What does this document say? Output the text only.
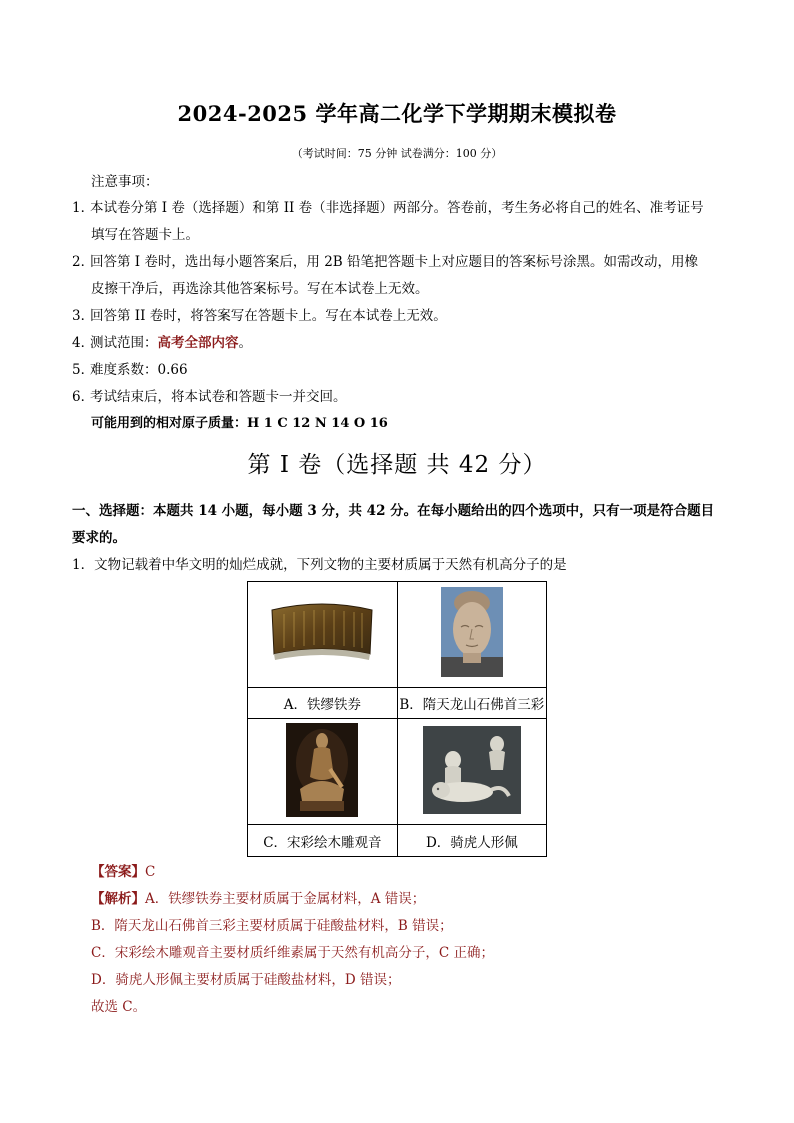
2024-2025 学年高二化学下学期期末模拟卷
（考试时间：75 分钟 试卷满分：100 分）
注意事项：
1．本试卷分第 I 卷（选择题）和第 II 卷（非选择题）两部分。答卷前，考生务必将自己的姓名、准考证号
填写在答题卡上。
2．回答第 I 卷时，选出每小题答案后，用 2B 铅笔把答题卡上对应题目的答案标号涂黑。如需改动，用橡
皮擦干净后，再选涂其他答案标号。写在本试卷上无效。
3．回答第 II 卷时，将答案写在答题卡上。写在本试卷上无效。
4．测试范围：高考全部内容。
5．难度系数：0.66
6．考试结束后，将本试卷和答题卡一并交回。
可能用到的相对原子质量：H 1 C 12 N 14 O 16
第 I 卷（选择题 共 42 分）
一、选择题：本题共 14 小题，每小题 3 分，共 42 分。在每小题给出的四个选项中，只有一项是符合题目
要求的。
1．文物记载着中华文明的灿烂成就，下列文物的主要材质属于天然有机高分子的是

A．铁缪铁券	B．隋天龙山石佛首三彩

C．宋彩绘木雕观音	D．骑虎人形佩
【答案】C
【解析】A．铁缪铁券主要材质属于金属材料，A 错误；
B．隋天龙山石佛首三彩主要材质属于硅酸盐材料，B 错误；
C．宋彩绘木雕观音主要材质纤维素属于天然有机高分子，C 正确；
D．骑虎人形佩主要材质属于硅酸盐材料，D 错误；
故选 C。
